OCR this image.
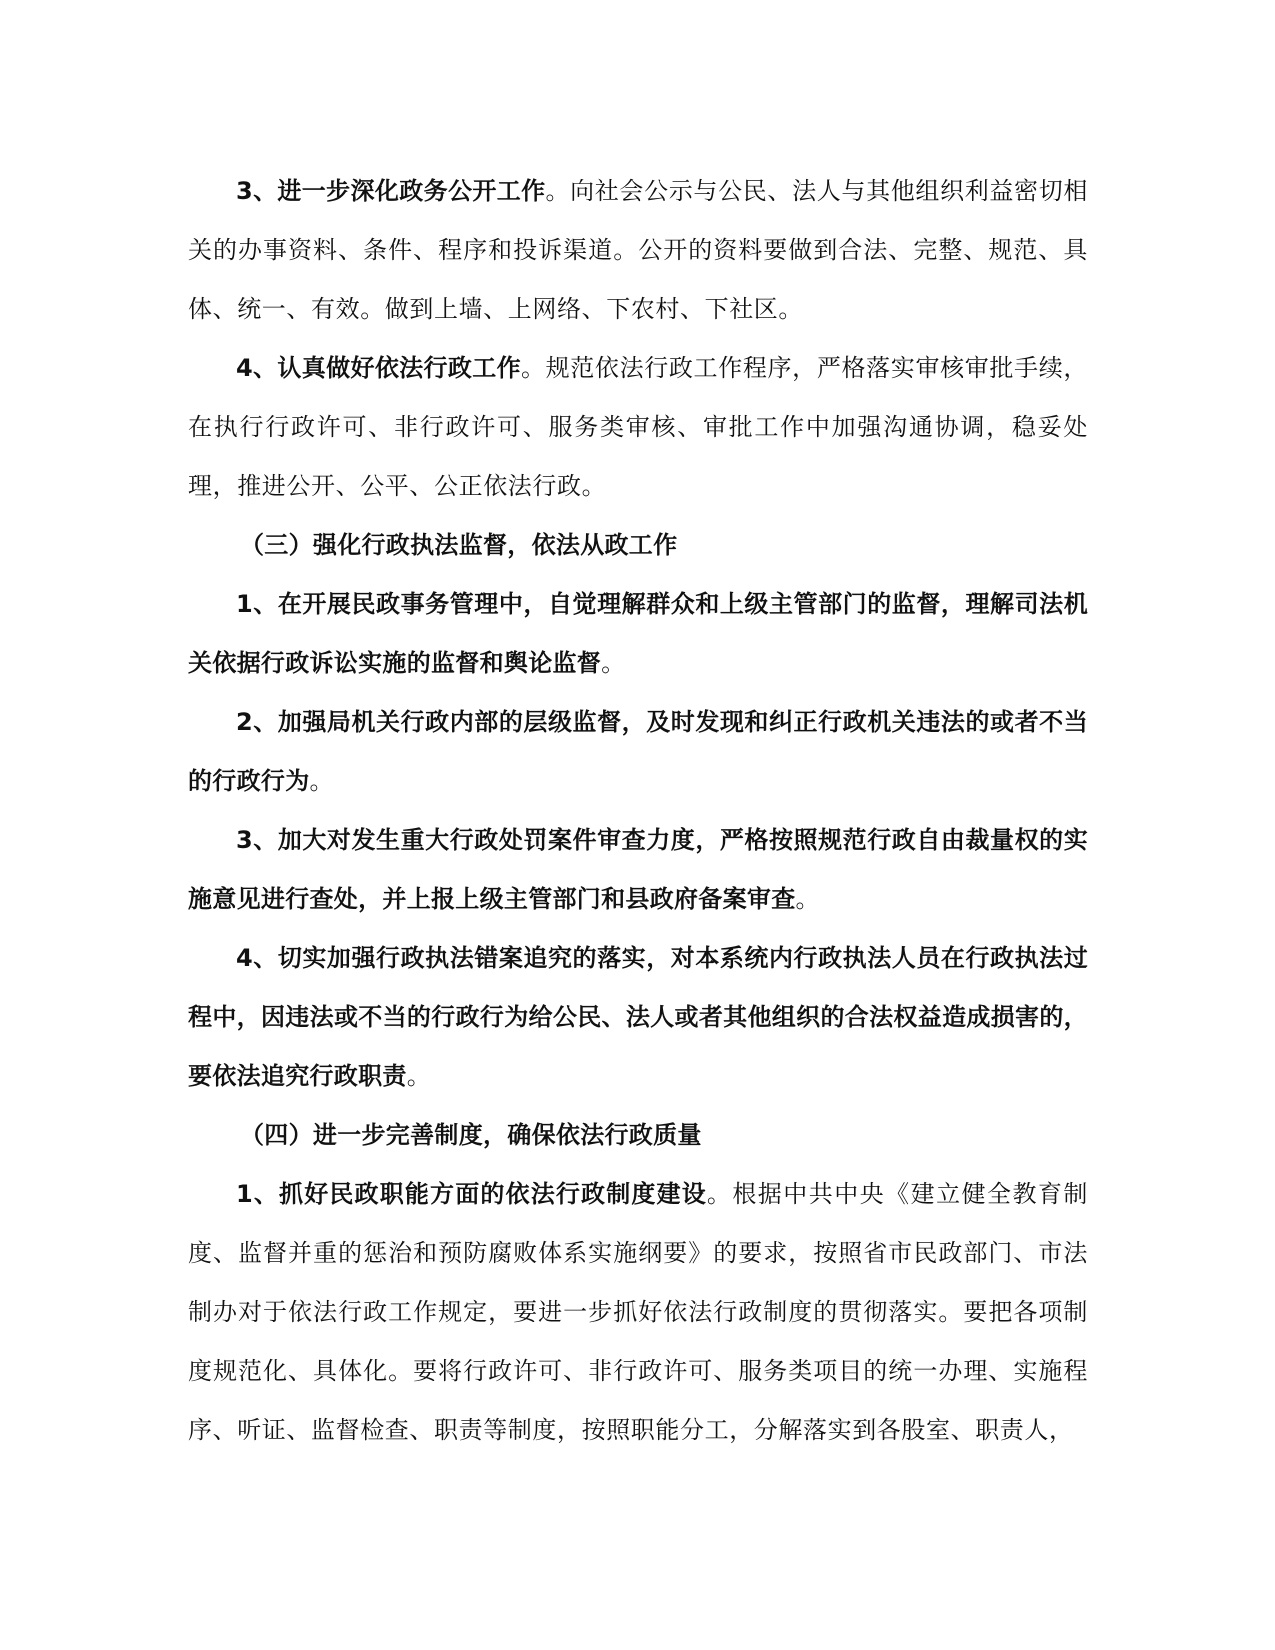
3、进一步深化政务公开工作。向社会公示与公民、法人与其他组织利益密切相关的办事资料、条件、程序和投诉渠道。公开的资料要做到合法、完整、规范、具体、统一、有效。做到上墙、上网络、下农村、下社区。

4、认真做好依法行政工作。规范依法行政工作程序，严格落实审核审批手续，在执行行政许可、非行政许可、服务类审核、审批工作中加强沟通协调，稳妥处理，推进公开、公平、公正依法行政。

（三）强化行政执法监督，依法从政工作

1、在开展民政事务管理中，自觉理解群众和上级主管部门的监督，理解司法机关依据行政诉讼实施的监督和舆论监督。

2、加强局机关行政内部的层级监督，及时发现和纠正行政机关违法的或者不当的行政行为。

3、加大对发生重大行政处罚案件审查力度，严格按照规范行政自由裁量权的实施意见进行查处，并上报上级主管部门和县政府备案审查。

4、切实加强行政执法错案追究的落实，对本系统内行政执法人员在行政执法过程中，因违法或不当的行政行为给公民、法人或者其他组织的合法权益造成损害的，要依法追究行政职责。

（四）进一步完善制度，确保依法行政质量

1、抓好民政职能方面的依法行政制度建设。根据中共中央《建立健全教育制度、监督并重的惩治和预防腐败体系实施纲要》的要求，按照省市民政部门、市法制办对于依法行政工作规定，要进一步抓好依法行政制度的贯彻落实。要把各项制度规范化、具体化。要将行政许可、非行政许可、服务类项目的统一办理、实施程序、听证、监督检查、职责等制度，按照职能分工，分解落实到各股室、职责人，
